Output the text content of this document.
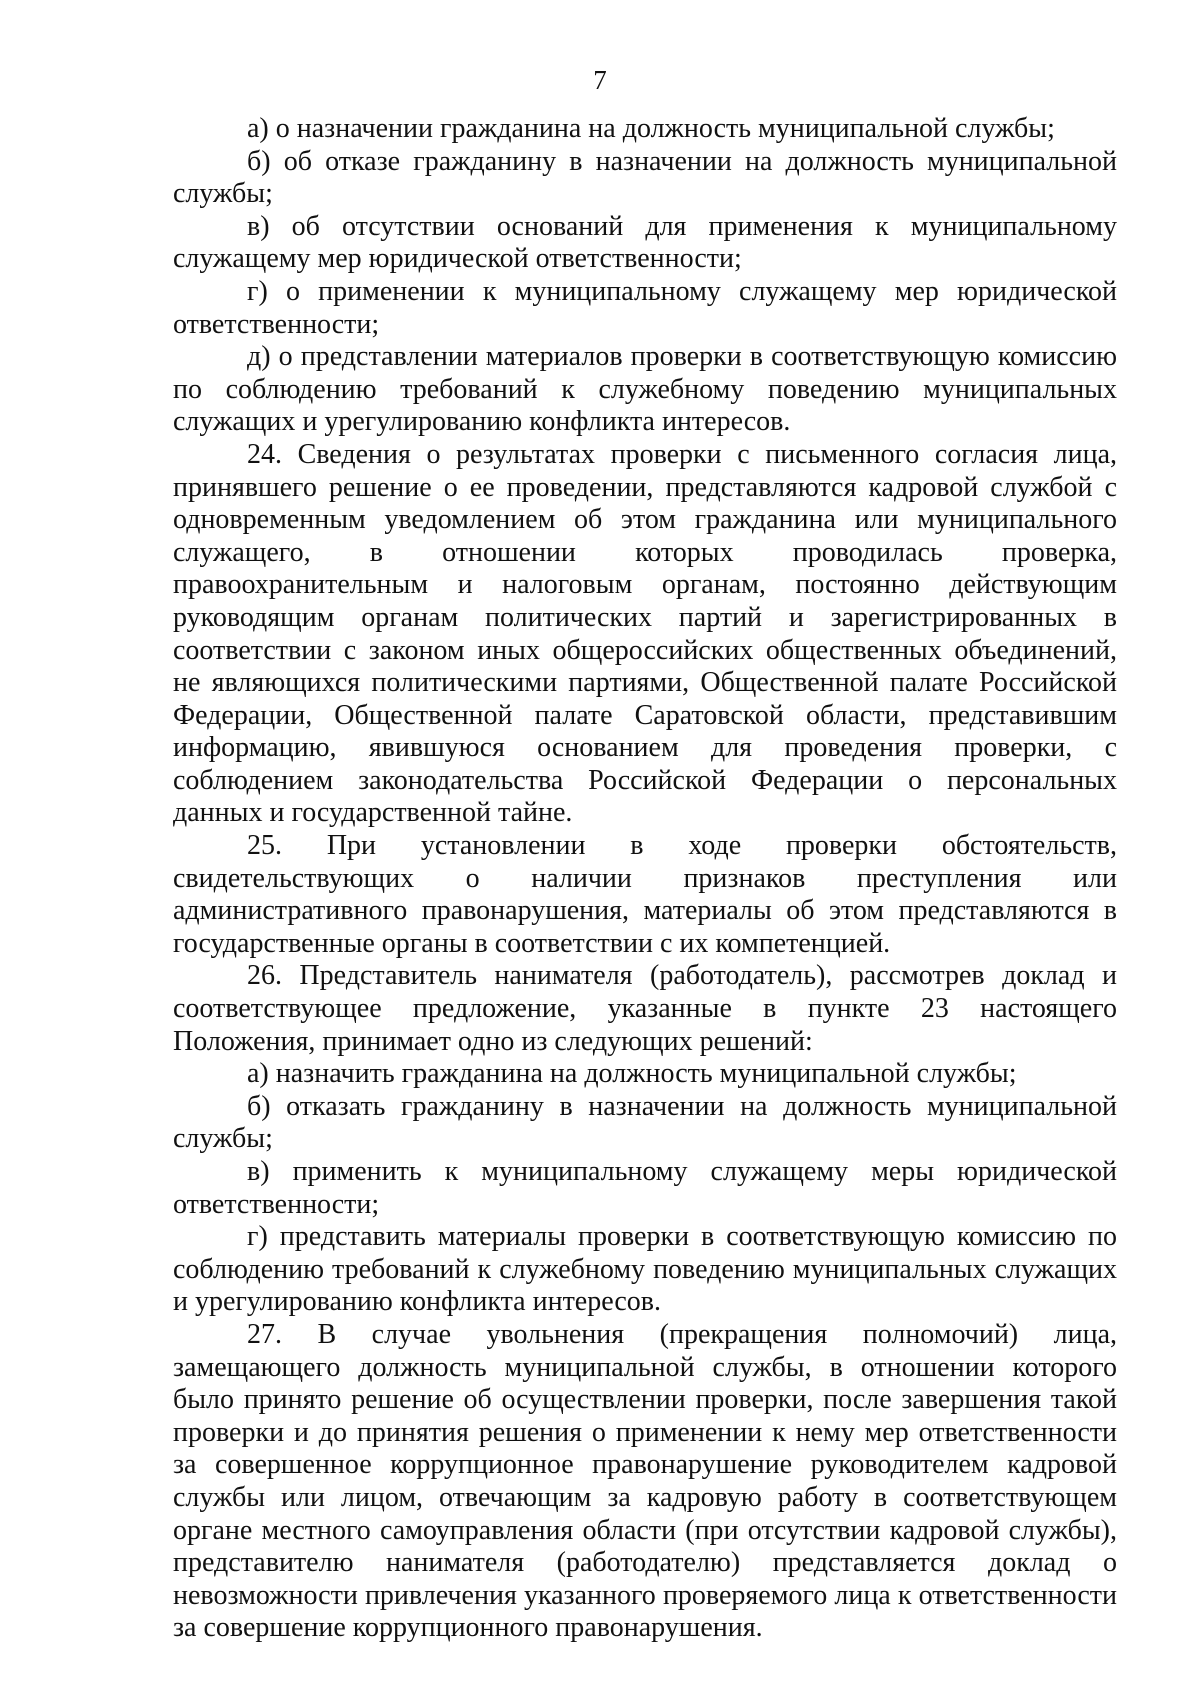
7

а) о назначении гражданина на должность муниципальной службы;

б) об отказе гражданину в назначении на должность муниципальной службы;

в) об отсутствии оснований для применения к муниципальному служащему мер юридической ответственности;

г) о применении к муниципальному служащему мер юридической ответственности;

д) о представлении материалов проверки в соответствующую комиссию по соблюдению требований к служебному поведению муниципальных служащих и урегулированию конфликта интересов.

24. Сведения о результатах проверки с письменного согласия лица, принявшего решение о ее проведении, представляются кадровой службой с одновременным уведомлением об этом гражданина или муниципального служащего, в отношении которых проводилась проверка, правоохранительным и налоговым органам, постоянно действующим руководящим органам политических партий и зарегистрированных в соответствии с законом иных общероссийских общественных объединений, не являющихся политическими партиями, Общественной палате Российской Федерации, Общественной палате Саратовской области, представившим информацию, явившуюся основанием для проведения проверки, с соблюдением законодательства Российской Федерации о персональных данных и государственной тайне.

25. При установлении в ходе проверки обстоятельств, свидетельствующих о наличии признаков преступления или административного правонарушения, материалы об этом представляются в государственные органы в соответствии с их компетенцией.

26. Представитель нанимателя (работодатель), рассмотрев доклад и соответствующее предложение, указанные в пункте 23 настоящего Положения, принимает одно из следующих решений:

а) назначить гражданина на должность муниципальной службы;

б) отказать гражданину в назначении на должность муниципальной службы;

в) применить к муниципальному служащему меры юридической ответственности;

г) представить материалы проверки в соответствующую комиссию по соблюдению требований к служебному поведению муниципальных служащих и урегулированию конфликта интересов.

27. В случае увольнения (прекращения полномочий) лица, замещающего должность муниципальной службы, в отношении которого было принято решение об осуществлении проверки, после завершения такой проверки и до принятия решения о применении к нему мер ответственности за совершенное коррупционное правонарушение руководителем кадровой службы или лицом, отвечающим за кадровую работу в соответствующем органе местного самоуправления области (при отсутствии кадровой службы), представителю нанимателя (работодателю) представляется доклад о невозможности привлечения указанного проверяемого лица к ответственности за совершение коррупционного правонарушения.
